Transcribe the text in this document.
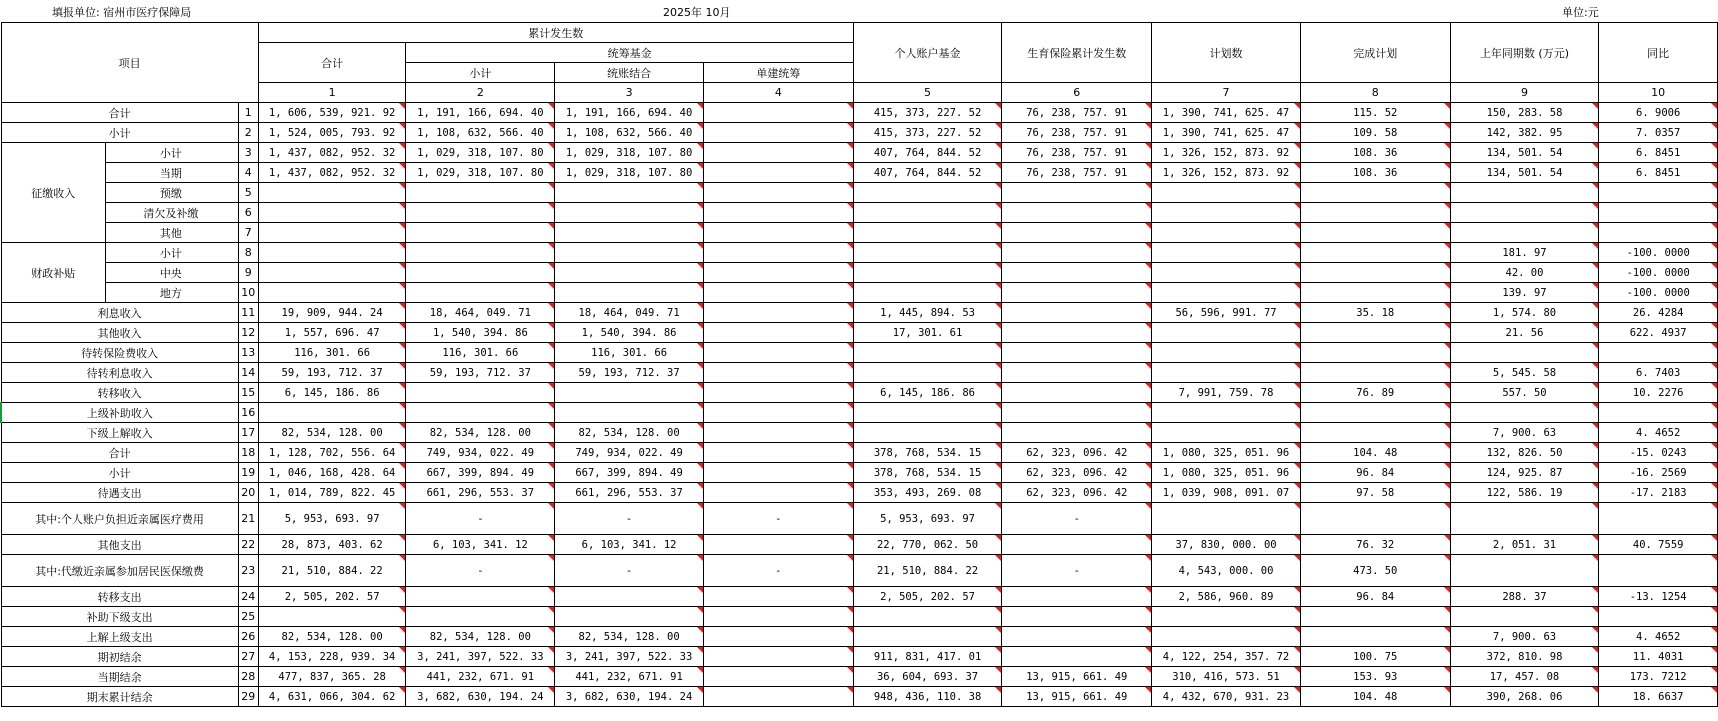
填报单位: 宿州市医疗保障局	2025年 10月	单位:元
项目			累计发生数				个人账户基金	生育保险累计发生数	计划数	完成计划	上年同期数 (万元)	同比
			合计	统筹基金								
				小计	统账结合	单建统筹						
			1	2	3	4	5	6	7	8	9	10
合计		1	1, 606, 539, 921. 92	1, 191, 166, 694. 40	1, 191, 166, 694. 40		415, 373, 227. 52	76, 238, 757. 91	1, 390, 741, 625. 47	115. 52	150, 283. 58	6. 9006
小计		2	1, 524, 005, 793. 92	1, 108, 632, 566. 40	1, 108, 632, 566. 40		415, 373, 227. 52	76, 238, 757. 91	1, 390, 741, 625. 47	109. 58	142, 382. 95	7. 0357
征缴收入	小计	3	1, 437, 082, 952. 32	1, 029, 318, 107. 80	1, 029, 318, 107. 80		407, 764, 844. 52	76, 238, 757. 91	1, 326, 152, 873. 92	108. 36	134, 501. 54	6. 8451
	当期	4	1, 437, 082, 952. 32	1, 029, 318, 107. 80	1, 029, 318, 107. 80		407, 764, 844. 52	76, 238, 757. 91	1, 326, 152, 873. 92	108. 36	134, 501. 54	6. 8451
	预缴	5										
	清欠及补缴	6										
	其他	7										
财政补贴	小计	8									181. 97	-100. 0000
	中央	9									42. 00	-100. 0000
	地方	10									139. 97	-100. 0000
利息收入		11	19, 909, 944. 24	18, 464, 049. 71	18, 464, 049. 71		1, 445, 894. 53		56, 596, 991. 77	35. 18	1, 574. 80	26. 4284
其他收入		12	1, 557, 696. 47	1, 540, 394. 86	1, 540, 394. 86		17, 301. 61				21. 56	622. 4937
待转保险费收入		13	116, 301. 66	116, 301. 66	116, 301. 66							
待转利息收入		14	59, 193, 712. 37	59, 193, 712. 37	59, 193, 712. 37						5, 545. 58	6. 7403
转移收入		15	6, 145, 186. 86				6, 145, 186. 86		7, 991, 759. 78	76. 89	557. 50	10. 2276
上级补助收入		16										
下级上解收入		17	82, 534, 128. 00	82, 534, 128. 00	82, 534, 128. 00						7, 900. 63	4. 4652
合计		18	1, 128, 702, 556. 64	749, 934, 022. 49	749, 934, 022. 49		378, 768, 534. 15	62, 323, 096. 42	1, 080, 325, 051. 96	104. 48	132, 826. 50	-15. 0243
小计		19	1, 046, 168, 428. 64	667, 399, 894. 49	667, 399, 894. 49		378, 768, 534. 15	62, 323, 096. 42	1, 080, 325, 051. 96	96. 84	124, 925. 87	-16. 2569
待遇支出		20	1, 014, 789, 822. 45	661, 296, 553. 37	661, 296, 553. 37		353, 493, 269. 08	62, 323, 096. 42	1, 039, 908, 091. 07	97. 58	122, 586. 19	-17. 2183
其中:个人账户负担近亲属医疗费用		21	5, 953, 693. 97	-	-	-	5, 953, 693. 97	-				
其他支出		22	28, 873, 403. 62	6, 103, 341. 12	6, 103, 341. 12		22, 770, 062. 50		37, 830, 000. 00	76. 32	2, 051. 31	40. 7559
其中:代缴近亲属参加居民医保缴费		23	21, 510, 884. 22	-	-	-	21, 510, 884. 22	-	4, 543, 000. 00	473. 50		
转移支出		24	2, 505, 202. 57				2, 505, 202. 57		2, 586, 960. 89	96. 84	288. 37	-13. 1254
补助下级支出		25										
上解上级支出		26	82, 534, 128. 00	82, 534, 128. 00	82, 534, 128. 00						7, 900. 63	4. 4652
期初结余		27	4, 153, 228, 939. 34	3, 241, 397, 522. 33	3, 241, 397, 522. 33		911, 831, 417. 01		4, 122, 254, 357. 72	100. 75	372, 810. 98	11. 4031
当期结余		28	477, 837, 365. 28	441, 232, 671. 91	441, 232, 671. 91		36, 604, 693. 37	13, 915, 661. 49	310, 416, 573. 51	153. 93	17, 457. 08	173. 7212
期末累计结余		29	4, 631, 066, 304. 62	3, 682, 630, 194. 24	3, 682, 630, 194. 24		948, 436, 110. 38	13, 915, 661. 49	4, 432, 670, 931. 23	104. 48	390, 268. 06	18. 6637
